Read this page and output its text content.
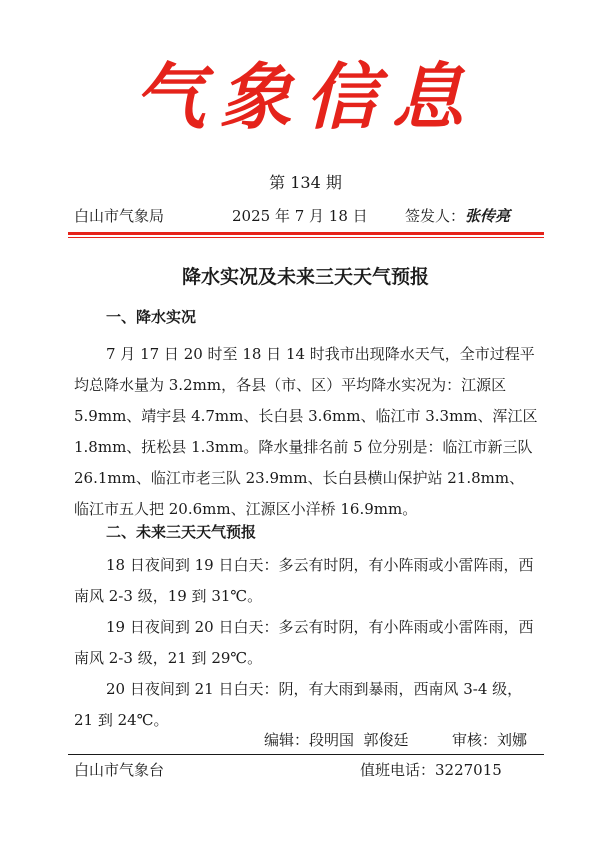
气象信息
第 134 期
白山市气象局	2025 年 7 月 18 日 签发人：张传亮
降水实况及未来三天天气预报
一、降水实况

7 月 17 日 20 时至 18 日 14 时我市出现降水天气，全市过程平均总降水量为 3.2mm，各县（市、区）平均降水实况为：江源区 5.9mm、靖宇县 4.7mm、长白县 3.6mm、临江市 3.3mm、浑江区 1.8mm、抚松县 1.3mm。降水量排名前 5 位分别是：临江市新三队 26.1mm、临江市老三队 23.9mm、长白县横山保护站 21.8mm、临江市五人把 20.6mm、江源区小洋桥 16.9mm。

二、未来三天天气预报

18 日夜间到 19 日白天：多云有时阴，有小阵雨或小雷阵雨，西南风 2-3 级，19 到 31℃。

19 日夜间到 20 日白天：多云有时阴，有小阵雨或小雷阵雨，西南风 2-3 级，21 到 29℃。

20 日夜间到 21 日白天：阴，有大雨到暴雨，西南风 3-4 级，21 到 24℃。

编辑：段明国  郭俊廷	审核：刘娜
白山市气象台	值班电话：3227015
